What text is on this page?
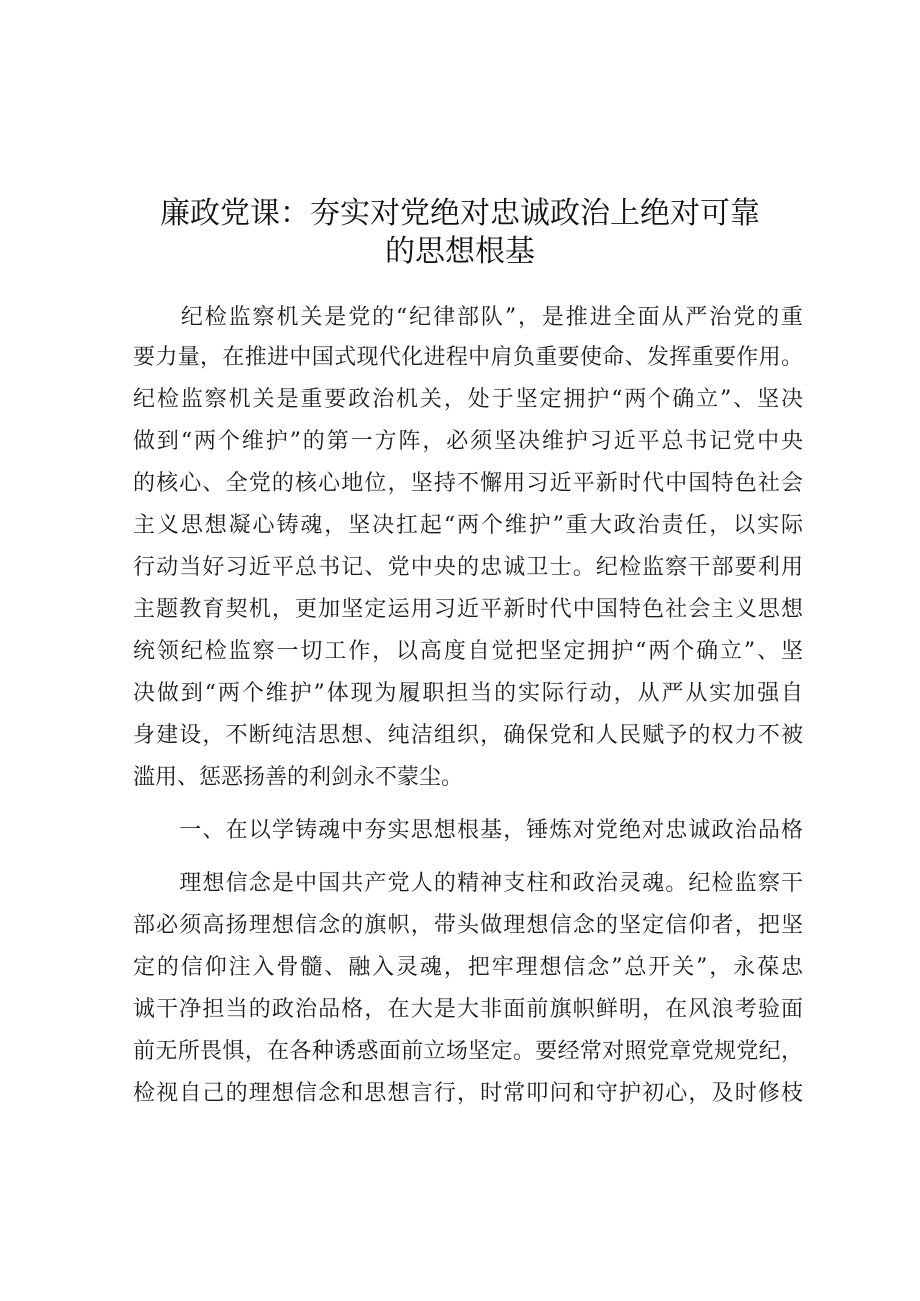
廉政党课：夯实对党绝对忠诚政治上绝对可靠
的思想根基
　　纪检监察机关是党的“纪律部队”，是推进全面从严治党的重
要力量，在推进中国式现代化进程中肩负重要使命、发挥重要作用。
纪检监察机关是重要政治机关，处于坚定拥护“两个确立”、坚决
做到“两个维护”的第一方阵，必须坚决维护习近平总书记党中央
的核心、全党的核心地位，坚持不懈用习近平新时代中国特色社会
主义思想凝心铸魂，坚决扛起“两个维护”重大政治责任，以实际
行动当好习近平总书记、党中央的忠诚卫士。纪检监察干部要利用
主题教育契机，更加坚定运用习近平新时代中国特色社会主义思想
统领纪检监察一切工作，以高度自觉把坚定拥护“两个确立”、坚
决做到“两个维护”体现为履职担当的实际行动，从严从实加强自
身建设，不断纯洁思想、纯洁组织，确保党和人民赋予的权力不被
滥用、惩恶扬善的利剑永不蒙尘。
　　一、在以学铸魂中夯实思想根基，锤炼对党绝对忠诚政治品格
　　理想信念是中国共产党人的精神支柱和政治灵魂。纪检监察干
部必须高扬理想信念的旗帜，带头做理想信念的坚定信仰者，把坚
定的信仰注入骨髓、融入灵魂，把牢理想信念”总开关”，永葆忠
诚干净担当的政治品格，在大是大非面前旗帜鲜明，在风浪考验面
前无所畏惧，在各种诱惑面前立场坚定。要经常对照党章党规党纪，
检视自己的理想信念和思想言行，时常叩问和守护初心，及时修枝
